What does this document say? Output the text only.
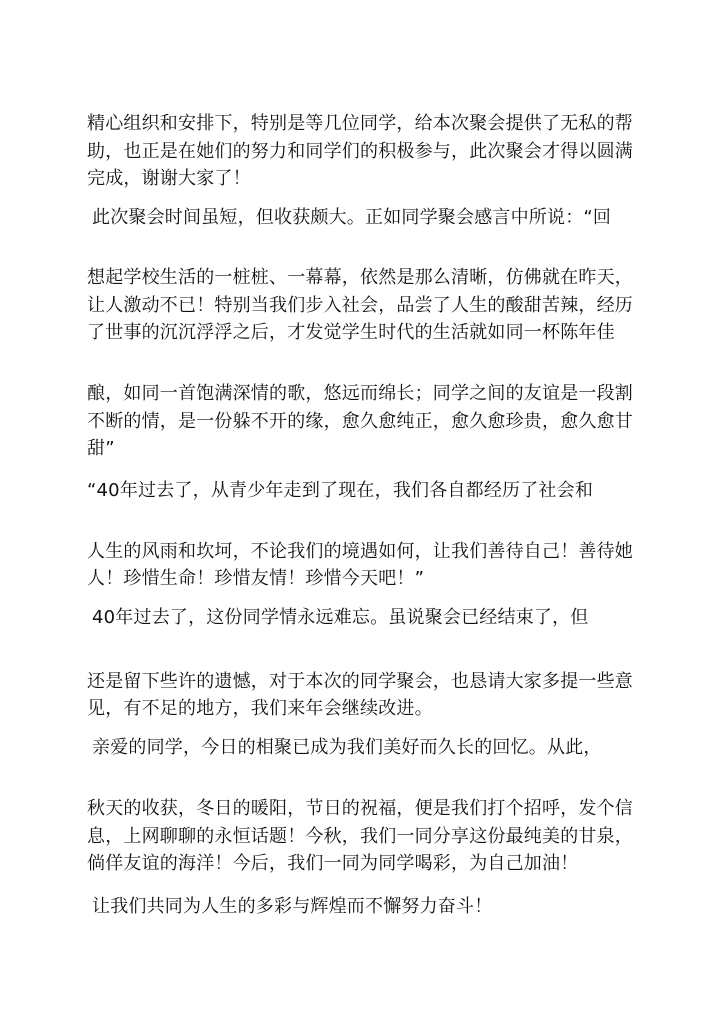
精心组织和安排下，特别是等几位同学，给本次聚会提供了无私的帮
助，也正是在她们的努力和同学们的积极参与，此次聚会才得以圆满
完成，谢谢大家了！
此次聚会时间虽短，但收获颇大。正如同学聚会感言中所说：“回
想起学校生活的一桩桩、一幕幕，依然是那么清晰，仿佛就在昨天，
让人激动不已！特别当我们步入社会，品尝了人生的酸甜苦辣，经历
了世事的沉沉浮浮之后，才发觉学生时代的生活就如同一杯陈年佳
酿，如同一首饱满深情的歌，悠远而绵长；同学之间的友谊是一段割
不断的情，是一份躲不开的缘，愈久愈纯正，愈久愈珍贵，愈久愈甘
甜”
“40年过去了，从青少年走到了现在，我们各自都经历了社会和
人生的风雨和坎坷，不论我们的境遇如何，让我们善待自己！善待她
人！珍惜生命！珍惜友情！珍惜今天吧！”
40年过去了，这份同学情永远难忘。虽说聚会已经结束了，但
还是留下些许的遗憾，对于本次的同学聚会，也恳请大家多提一些意
见，有不足的地方，我们来年会继续改进。
亲爱的同学，今日的相聚已成为我们美好而久长的回忆。从此，
秋天的收获，冬日的暖阳，节日的祝福，便是我们打个招呼，发个信
息，上网聊聊的永恒话题！今秋，我们一同分享这份最纯美的甘泉，
倘佯友谊的海洋！今后，我们一同为同学喝彩，为自己加油！
让我们共同为人生的多彩与辉煌而不懈努力奋斗！
